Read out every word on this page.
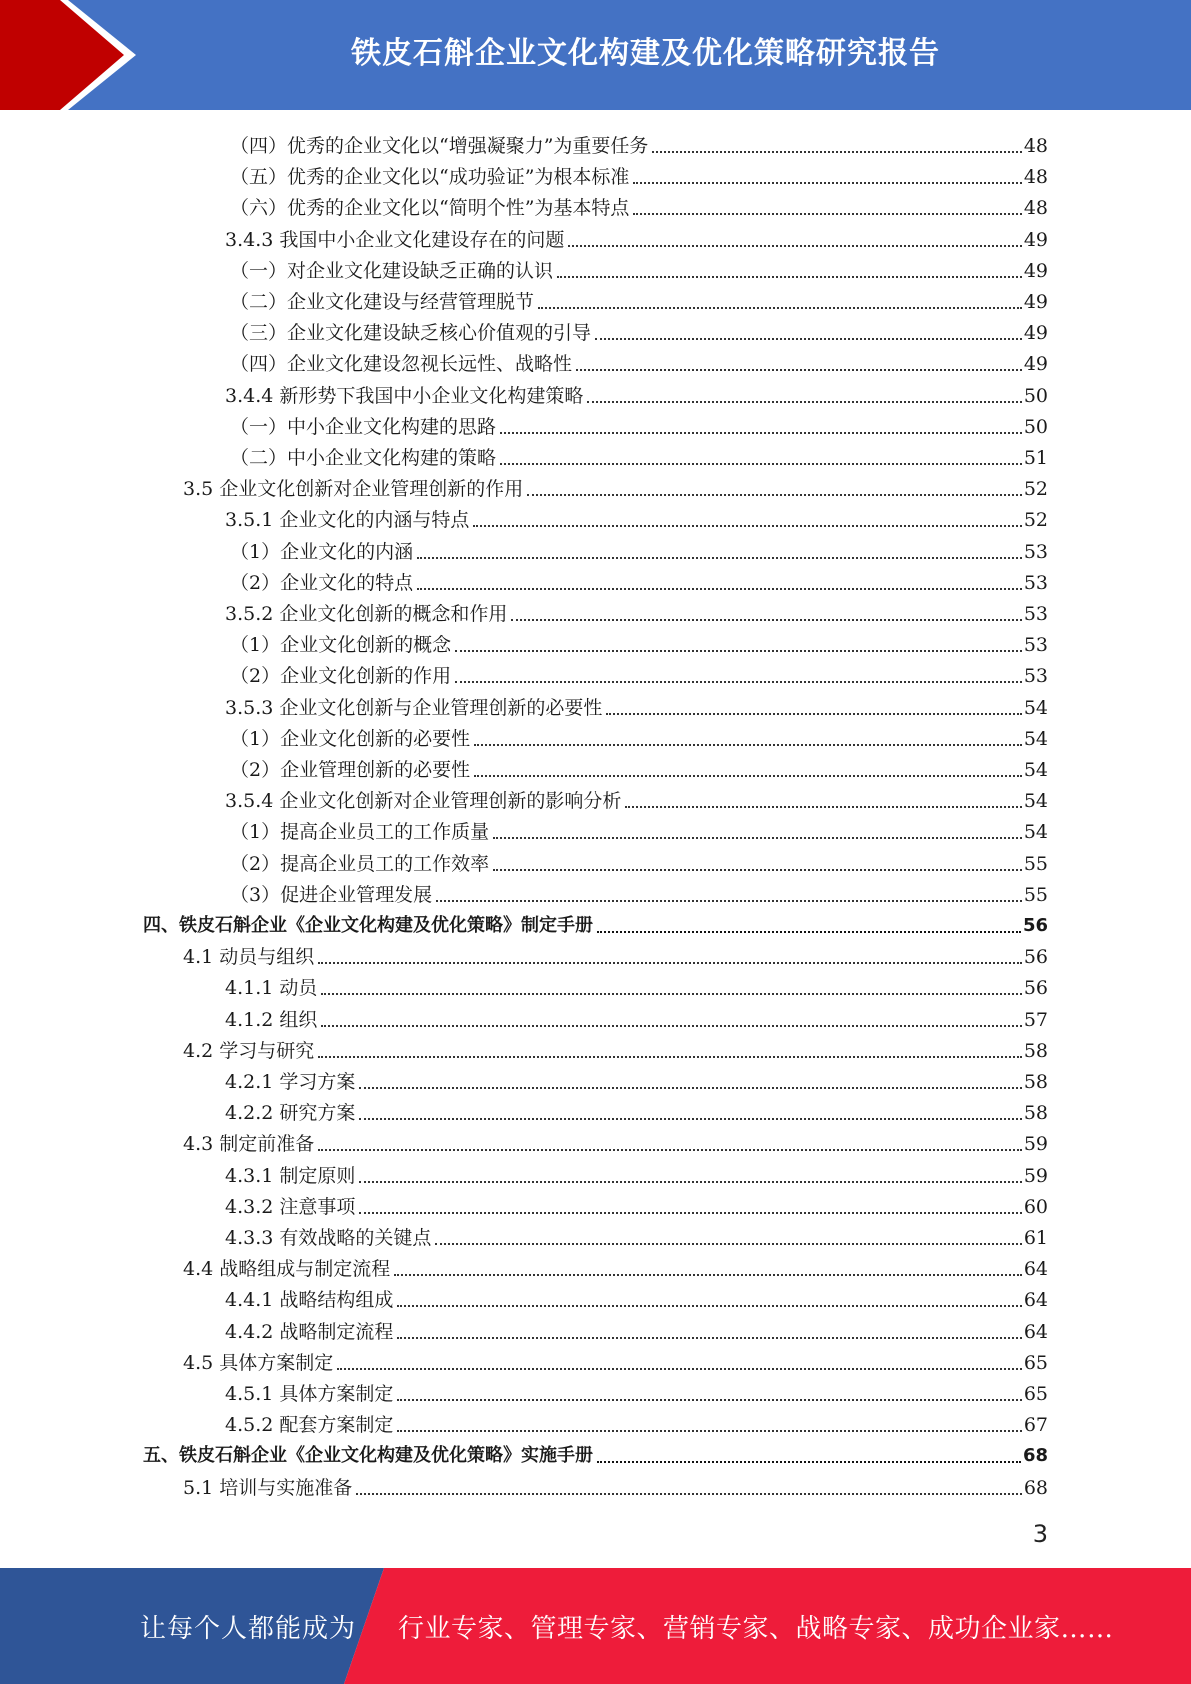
铁皮石斛企业文化构建及优化策略研究报告
（四）优秀的企业文化以“增强凝聚力”为重要任务	48
（五）优秀的企业文化以“成功验证”为根本标准	48
（六）优秀的企业文化以“简明个性”为基本特点	48
3.4.3 我国中小企业文化建设存在的问题	49
（一）对企业文化建设缺乏正确的认识	49
（二）企业文化建设与经营管理脱节	49
（三）企业文化建设缺乏核心价值观的引导	49
（四）企业文化建设忽视长远性、战略性	49
3.4.4 新形势下我国中小企业文化构建策略	50
（一）中小企业文化构建的思路	50
（二）中小企业文化构建的策略	51
3.5 企业文化创新对企业管理创新的作用	52
3.5.1 企业文化的内涵与特点	52
（1）企业文化的内涵	53
（2）企业文化的特点	53
3.5.2 企业文化创新的概念和作用	53
（1）企业文化创新的概念	53
（2）企业文化创新的作用	53
3.5.3 企业文化创新与企业管理创新的必要性	54
（1）企业文化创新的必要性	54
（2）企业管理创新的必要性	54
3.5.4 企业文化创新对企业管理创新的影响分析	54
（1）提高企业员工的工作质量	54
（2）提高企业员工的工作效率	55
（3）促进企业管理发展	55
四、铁皮石斛企业《企业文化构建及优化策略》制定手册	56
4.1 动员与组织	56
4.1.1 动员	56
4.1.2 组织	57
4.2 学习与研究	58
4.2.1 学习方案	58
4.2.2 研究方案	58
4.3 制定前准备	59
4.3.1 制定原则	59
4.3.2 注意事项	60
4.3.3 有效战略的关键点	61
4.4 战略组成与制定流程	64
4.4.1 战略结构组成	64
4.4.2 战略制定流程	64
4.5 具体方案制定	65
4.5.1 具体方案制定	65
4.5.2 配套方案制定	67
五、铁皮石斛企业《企业文化构建及优化策略》实施手册	68
5.1 培训与实施准备	68
3
让每个人都能成为 行业专家、管理专家、营销专家、战略专家、成功企业家……
